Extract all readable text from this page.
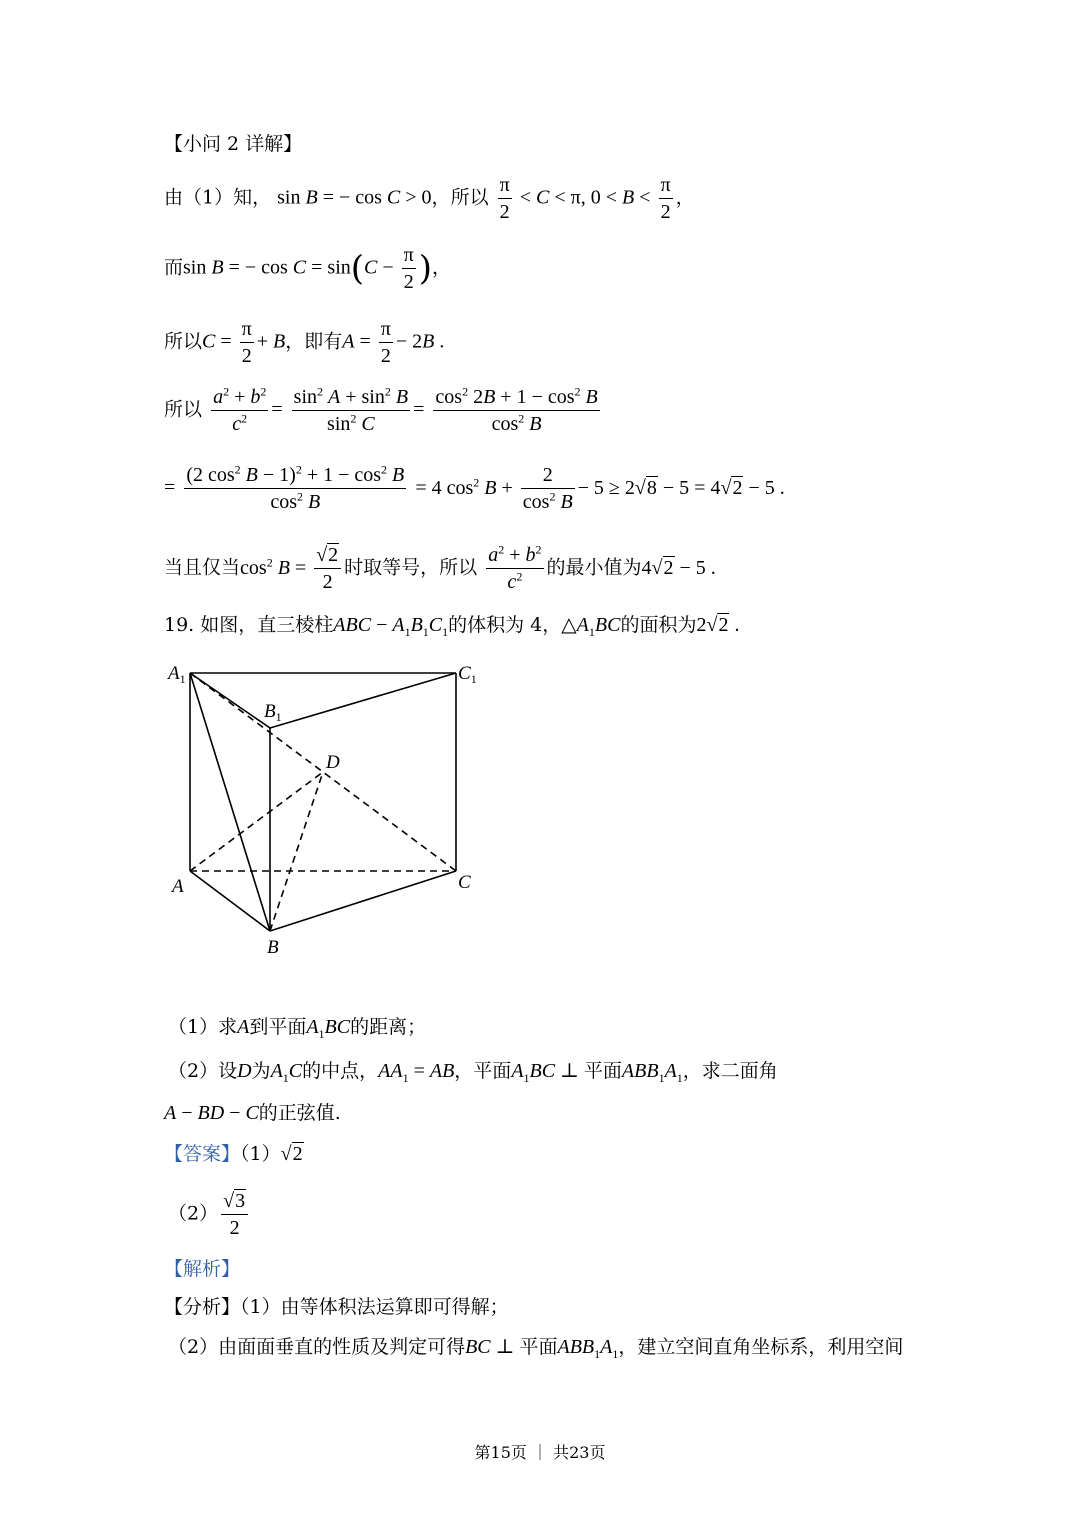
【小问 2 详解】
由（1）知， sin B = − cos C > 0，所以 $\frac{\pi}{2} < C < \pi$, $0 < B < \frac{\pi}{2}$ ，
而sin B = − $\cos C = \sin(C - \frac{\pi}{2}$ )，
所以$C = \frac{\pi}{2} + B$，即有$A = \frac{\pi}{2} - 2B$ .
所以 $\frac{a^2 + b^2}{c^2} = \frac{\sin^2 A + \sin^2 B}{\sin^2 C} = \frac{\cos^2 2B + 1 - \cos^2 B}{\cos^2 B}$
= $\frac{(2 \cos^2 B - 1)^2 + 1 - \cos^2 B}{\cos^2 B} = 4$ $\cos^2 B + \frac{2}{\cos^2 B} - 5 \ge 2√8 - 5 = 4√2 - 5$ .
当且仅当$\cos^2 B = \frac{√2}{2}$ 时取等号，所以 $\frac{a^2 + b^2}{c^2}$ 的最小值为4√2 − 5 .
19. 如图，直三棱柱ABC − $A_1B_1C_1$的体积为 4，$\triangle A_1BC$的面积为2√2 .
$A_1$	$C_1$
$B_1$
D
A	C
B
（1）求A到平面$A_1BC$的距离；
（2）设D为$A_1C$的中点，$AA_1$ = AB，平面$A_1BC$ ⊥ 平面$ABB_1A_1$，求二面角
A − BD − C的正弦值.
【答案】（1）√2
$(2) \frac{√3}{2}$
【解析】
【分析】（1）由等体积法运算即可得解；
（2）由面面垂直的性质及判定可得BC ⊥ 平面$ABB_1A_1$，建立空间直角坐标系，利用空间
第15页 ｜ 共23页
